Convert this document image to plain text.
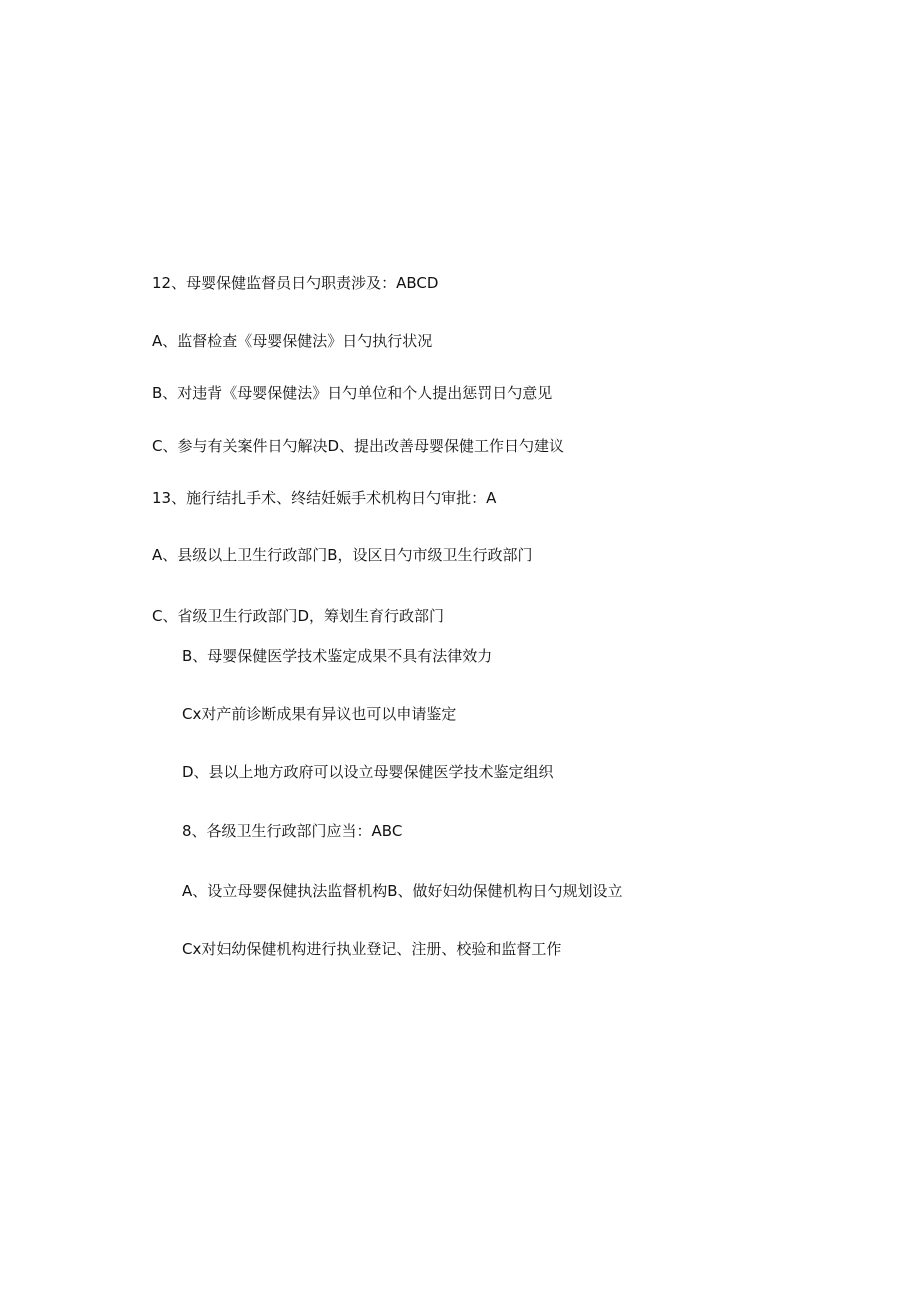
12、母婴保健监督员日勺职责涉及：ABCD
A、监督检查《母婴保健法》日勺执行状况
B、对违背《母婴保健法》日勺单位和个人提出惩罚日勺意见
C、参与有关案件日勺解决D、提出改善母婴保健工作日勺建议
13、施行结扎手术、终结妊娠手术机构日勺审批：A
A、县级以上卫生行政部门B，设区日勺市级卫生行政部门
C、省级卫生行政部门D，筹划生育行政部门
B、母婴保健医学技术鉴定成果不具有法律效力
Cx对产前诊断成果有异议也可以申请鉴定
D、县以上地方政府可以设立母婴保健医学技术鉴定组织
8、各级卫生行政部门应当：ABC
A、设立母婴保健执法监督机构B、做好妇幼保健机构日勺规划设立
Cx对妇幼保健机构进行执业登记、注册、校验和监督工作
